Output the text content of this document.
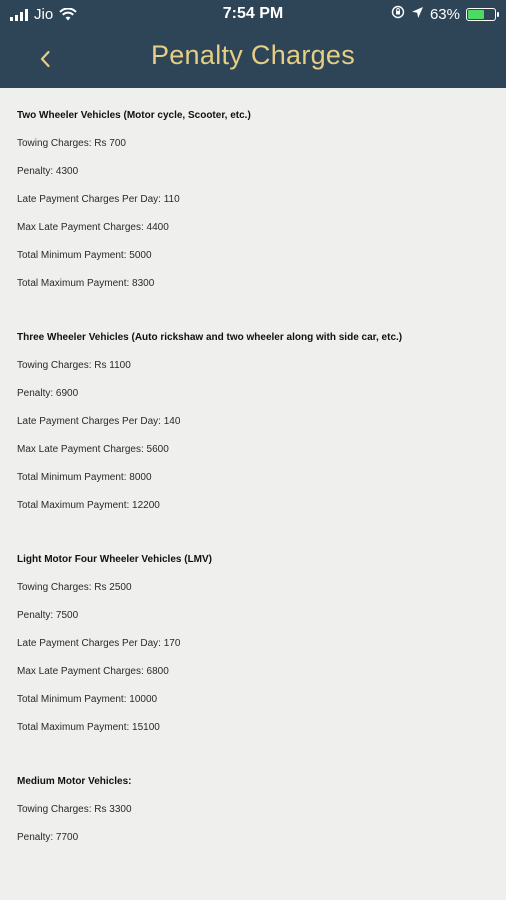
Jio	7:54 PM	63%
Penalty Charges
Two Wheeler Vehicles (Motor cycle, Scooter, etc.)
Towing Charges: Rs 700
Penalty: 4300
Late Payment Charges Per Day: 110
Max Late Payment Charges: 4400
Total Minimum Payment: 5000
Total Maximum Payment: 8300
Three Wheeler Vehicles (Auto rickshaw and two wheeler along with side car, etc.)
Towing Charges: Rs 1100
Penalty: 6900
Late Payment Charges Per Day: 140
Max Late Payment Charges: 5600
Total Minimum Payment: 8000
Total Maximum Payment: 12200
Light Motor Four Wheeler Vehicles (LMV)
Towing Charges: Rs 2500
Penalty: 7500
Late Payment Charges Per Day: 170
Max Late Payment Charges: 6800
Total Minimum Payment: 10000
Total Maximum Payment: 15100
Medium Motor Vehicles:
Towing Charges: Rs 3300
Penalty: 7700
